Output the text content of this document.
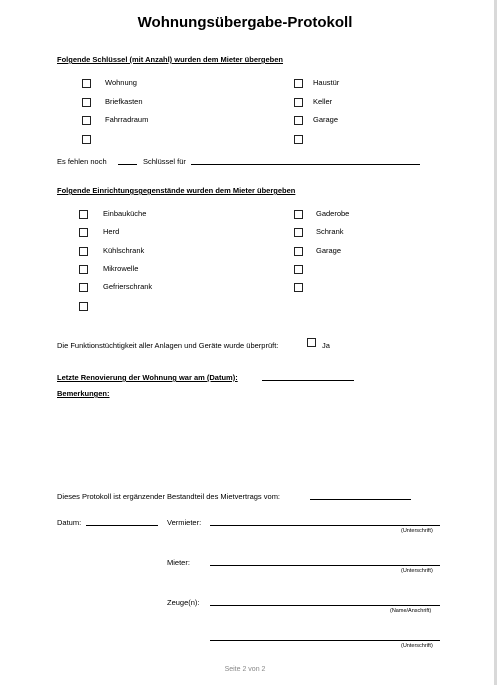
Wohnungsübergabe-Protokoll
Folgende Schlüssel (mit Anzahl) wurden dem Mieter übergeben
Wohnung
Briefkasten
Fahrradraum
Haustür
Keller
Garage
Es fehlen noch	Schlüssel für
Folgende Einrichtungsgegenstände wurden dem Mieter übergeben
Einbauküche
Herd
Kühlschrank
Mikrowelle
Gefrierschrank
Gaderobe
Schrank
Garage
Die Funktionstüchtigkeit aller Anlagen und Geräte wurde überprüft:	Ja
Letzte Renovierung der Wohnung war am (Datum):
Bemerkungen:
Dieses Protokoll ist ergänzender Bestandteil des Mietvertrags vom:
Datum:	Vermieter:
(Unterschrift)
Mieter:
(Unterschrift)
Zeuge(n):
(Name/Anschrift)
(Unterschrift)
Seite 2 von 2
